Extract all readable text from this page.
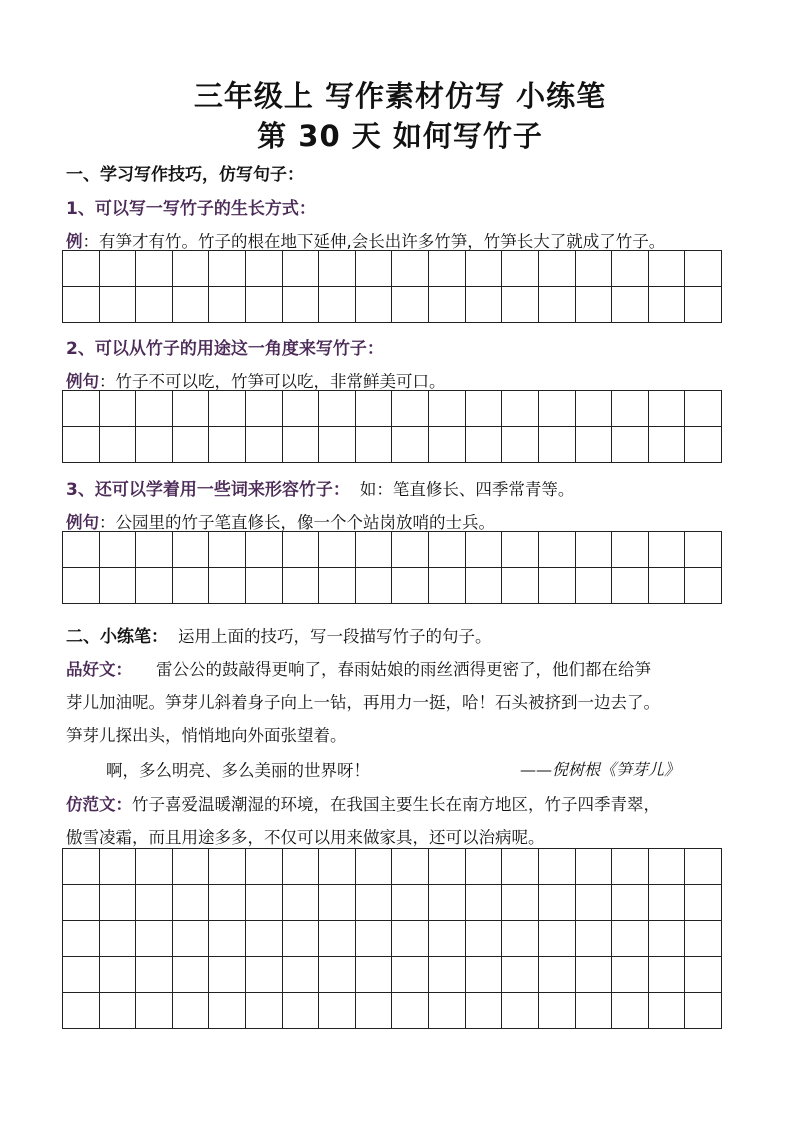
三年级上 写作素材仿写 小练笔
第 30 天 如何写竹子
一、学习写作技巧，仿写句子：
1、可以写一写竹子的生长方式：
例：有笋才有竹。竹子的根在地下延伸,会长出许多竹笋，竹笋长大了就成了竹子。

2、可以从竹子的用途这一角度来写竹子：
例句：竹子不可以吃，竹笋可以吃，非常鲜美可口。

3、还可以学着用一些词来形容竹子： 如：笔直修长、四季常青等。
例句：公园里的竹子笔直修长，像一个个站岗放哨的士兵。

二、小练笔： 运用上面的技巧，写一段描写竹子的句子。
品好文： 雷公公的鼓敲得更响了，春雨姑娘的雨丝洒得更密了，他们都在给笋
芽儿加油呢。笋芽儿斜着身子向上一钻，再用力一挺，哈！石头被挤到一边去了。
笋芽儿探出头，悄悄地向外面张望着。
啊，多么明亮、多么美丽的世界呀！	——倪树根《笋芽儿》
仿范文：竹子喜爱温暖潮湿的环境，在我国主要生长在南方地区，竹子四季青翠，
傲雪凌霜，而且用途多多，不仅可以用来做家具，还可以治病呢。
